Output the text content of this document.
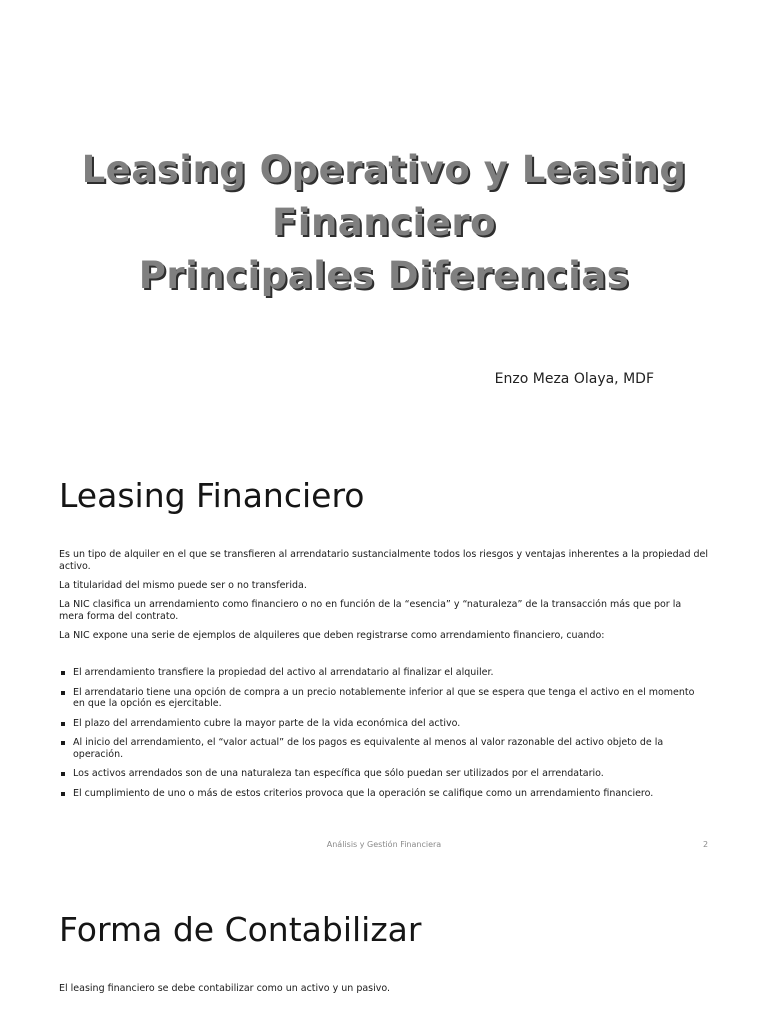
Leasing Operativo y Leasing
Financiero
Principales Diferencias
Enzo Meza Olaya, MDF
Leasing Financiero
Es un tipo de alquiler en el que se transfieren al arrendatario sustancialmente todos los riesgos y ventajas inherentes a la propiedad del activo.
La titularidad del mismo puede ser o no transferida.
La NIC clasifica un arrendamiento como financiero o no en función de la “esencia” y “naturaleza” de la transacción más que por la mera forma del contrato.
La NIC expone una serie de ejemplos de alquileres que deben registrarse como arrendamiento financiero, cuando:
El arrendamiento transfiere la propiedad del activo al arrendatario al finalizar el alquiler.
El arrendatario tiene una opción de compra a un precio notablemente inferior al que se espera que tenga el activo en el momento en que la opción es ejercitable.
El plazo del arrendamiento cubre la mayor parte de la vida económica del activo.
Al inicio del arrendamiento, el “valor actual” de los pagos es equivalente al menos al valor razonable del activo objeto de la operación.
Los activos arrendados son de una naturaleza tan específica que sólo puedan ser utilizados por el arrendatario.
El cumplimiento de uno o más de estos criterios provoca que la operación se califique como un arrendamiento financiero.
Análisis y Gestión Financiera	2
Forma de Contabilizar
El leasing financiero se debe contabilizar como un activo y un pasivo.
